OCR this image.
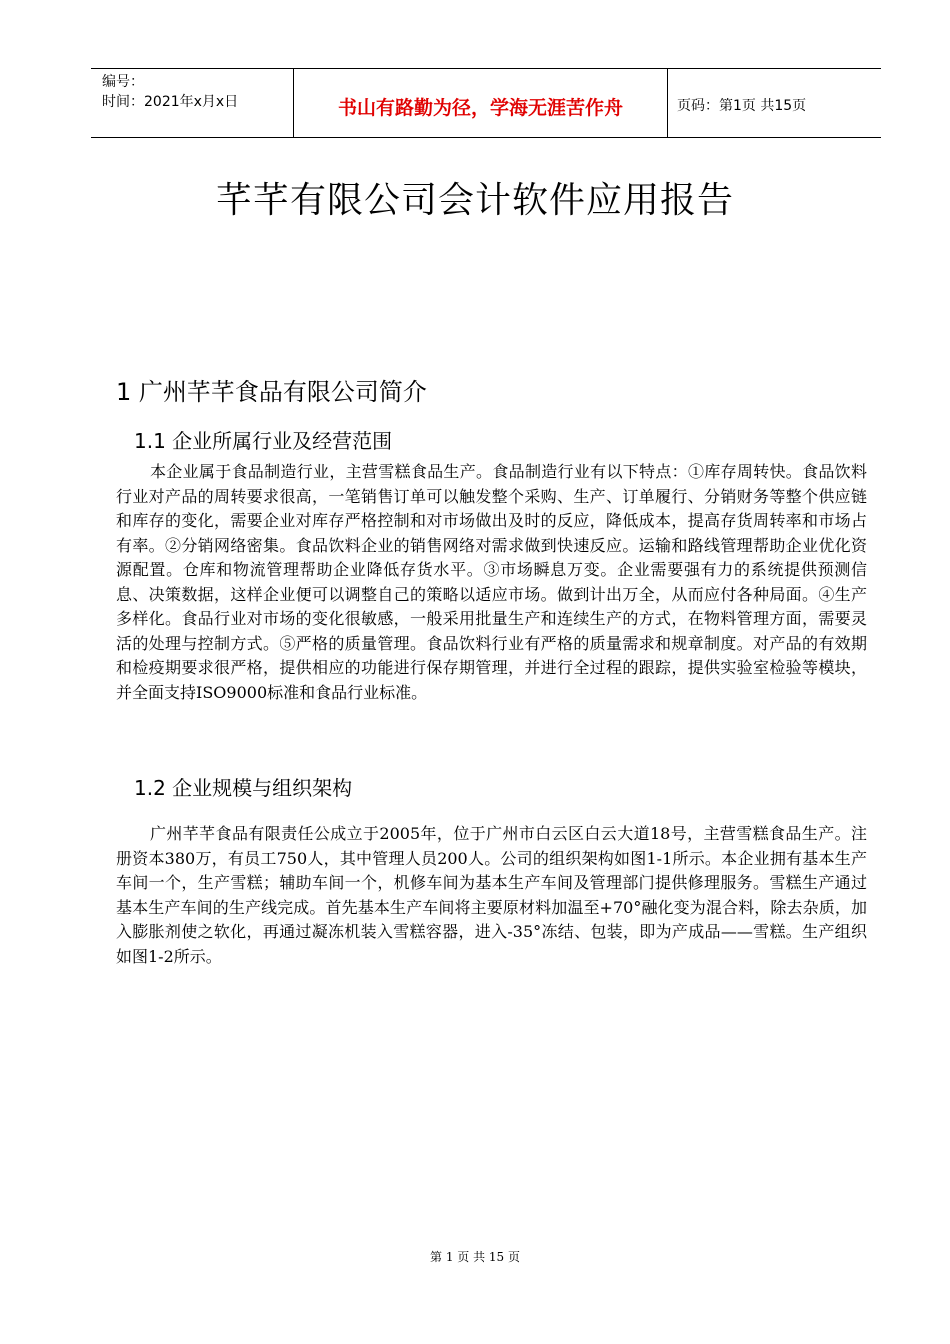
编号：
时间：2021年x月x日	书山有路勤为径，学海无涯苦作舟	页码：第1页 共15页
芊芊有限公司会计软件应用报告
1 广州芊芊食品有限公司简介
1.1 企业所属行业及经营范围
本企业属于食品制造行业，主营雪糕食品生产。食品制造行业有以下特点：①库存周转快。食品饮料行业对产品的周转要求很高，一笔销售订单可以触发整个采购、生产、订单履行、分销财务等整个供应链和库存的变化，需要企业对库存严格控制和对市场做出及时的反应，降低成本，提高存货周转率和市场占有率。②分销网络密集。食品饮料企业的销售网络对需求做到快速反应。运输和路线管理帮助企业优化资源配置。仓库和物流管理帮助企业降低存货水平。③市场瞬息万变。企业需要强有力的系统提供预测信息、决策数据，这样企业便可以调整自己的策略以适应市场。做到计出万全，从而应付各种局面。④生产多样化。食品行业对市场的变化很敏感，一般采用批量生产和连续生产的方式，在物料管理方面，需要灵活的处理与控制方式。⑤严格的质量管理。食品饮料行业有严格的质量需求和规章制度。对产品的有效期和检疫期要求很严格，提供相应的功能进行保存期管理，并进行全过程的跟踪，提供实验室检验等模块，并全面支持ISO9000标准和食品行业标准。
1.2 企业规模与组织架构
广州芊芊食品有限责任公成立于2005年，位于广州市白云区白云大道18号，主营雪糕食品生产。注册资本380万，有员工750人，其中管理人员200人。公司的组织架构如图1-1所示。本企业拥有基本生产车间一个，生产雪糕；辅助车间一个，机修车间为基本生产车间及管理部门提供修理服务。雪糕生产通过基本生产车间的生产线完成。首先基本生产车间将主要原材料加温至+70°融化变为混合料，除去杂质，加入膨胀剂使之软化，再通过凝冻机装入雪糕容器，进入-35°冻结、包装，即为产成品——雪糕。生产组织如图1-2所示。
第 1 页 共 15 页
